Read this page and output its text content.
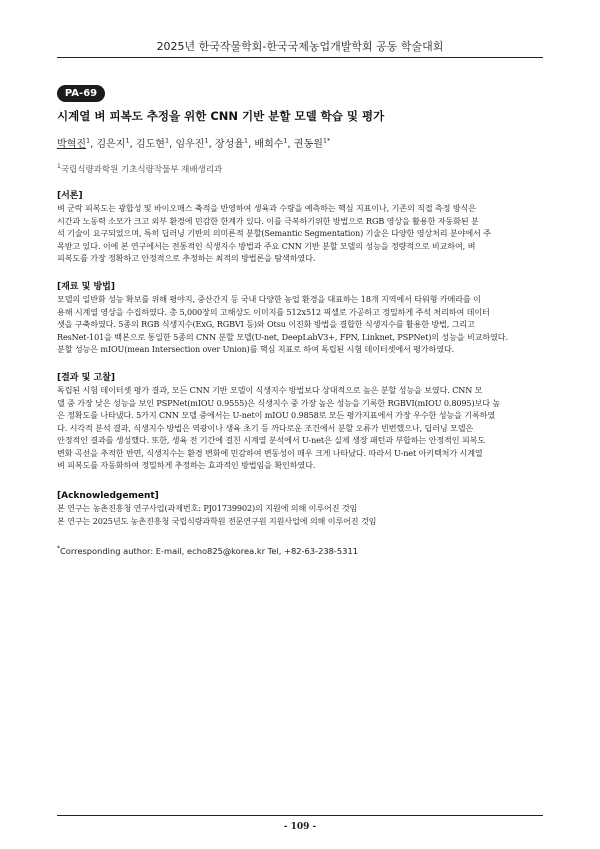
2025년 한국작물학회-한국국제농업개발학회 공동 학술대회
PA-69
시계열 벼 피복도 추정을 위한 CNN 기반 분할 모델 학습 및 평가
박혁진$^1$, 김은지$^1$, 김도현$^1$, 임우진$^1$, 장성율$^1$, 배희수$^1$, 권동원$^{1*}$
$^1$국립식량과학원 기초식량작물부 재배생리과
[서론]
벼 군락 피복도는 광합성 및 바이오매스 축적을 반영하여 생육과 수량을 예측하는 핵심 지표이나, 기존의 직접 측정 방식은
시간과 노동력 소모가 크고 외부 환경에 민감한 한계가 있다. 이를 극복하기위한 방법으로 RGB 영상을 활용한 자동화된 분
석 기술이 요구되었으며, 특히 딥러닝 기반의 의미론적 분할(Semantic Segmentation) 기술은 다양한 영상처리 분야에서 주
목받고 있다. 이에 본 연구에서는 전통적인 식생지수 방법과 주요 CNN 기반 분할 모델의 성능을 정량적으로 비교하여, 벼
피복도를 가장 정확하고 안정적으로 추정하는 최적의 방법론을 탐색하였다.
[재료 및 방법]
모델의 일반화 성능 확보를 위해 평야지, 중산간지 등 국내 다양한 농업 환경을 대표하는 18개 지역에서 타워형 카메라를 이
용해 시계열 영상을 수집하였다. 총 5,000장의 고해상도 이미지를 512x512 픽셀로 가공하고 정밀하게 주석 처리하여 데이터
셋을 구축하였다. 5종의 RGB 식생지수(ExG, RGBVI 등)와 Otsu 이진화 방법을 결합한 식생지수를 활용한 방법, 그리고
ResNet-101을 백본으로 통일한 5종의 CNN 분할 모델(U-net, DeepLabV3+, FPN, Linknet, PSPNet)의 성능을 비교하였다.
분할 성능은 mIOU(mean Intersection over Union)를 핵심 지표로 하여 독립된 시험 데이터셋에서 평가하였다.
[결과 및 고찰]
독립된 시험 데이터셋 평가 결과, 모든 CNN 기반 모델이 식생지수 방법보다 상대적으로 높은 분할 성능을 보였다. CNN 모
델 중 가장 낮은 성능을 보인 PSPNet(mIOU 0.9555)은 식생지수 중 가장 높은 성능을 기록한 RGBVI(mIOU 0.8095)보다 높
은 정확도를 나타냈다. 5가지 CNN 모델 중에서는 U-net이 mIOU 0.9858로 모든 평가지표에서 가장 우수한 성능을 기록하였
다. 시각적 분석 결과, 식생지수 방법은 역광이나 생육 초기 등 까다로운 조건에서 분할 오류가 빈번했으나, 딥러닝 모델은
안정적인 결과를 생성했다. 또한, 생육 전 기간에 걸친 시계열 분석에서 U-net은 실제 생장 패턴과 부합하는 안정적인 피복도
변화 곡선을 추적한 반면, 식생지수는 환경 변화에 민감하여 변동성이 매우 크게 나타났다. 따라서 U-net 아키텍처가 시계열
벼 피복도를 자동화하여 정밀하게 추정하는 효과적인 방법임을 확인하였다.
[Acknowledgement]
본 연구는 농촌진흥청 연구사업(과제번호: PJ01739902)의 지원에 의해 이루어진 것임
본 연구는 2025년도 농촌진흥청 국립식량과학원 전문연구원 지원사업에 의해 이루어진 것임
*Corresponding author: E-mail, echo825@korea.kr Tel, +82-63-238-5311
- 109 -
